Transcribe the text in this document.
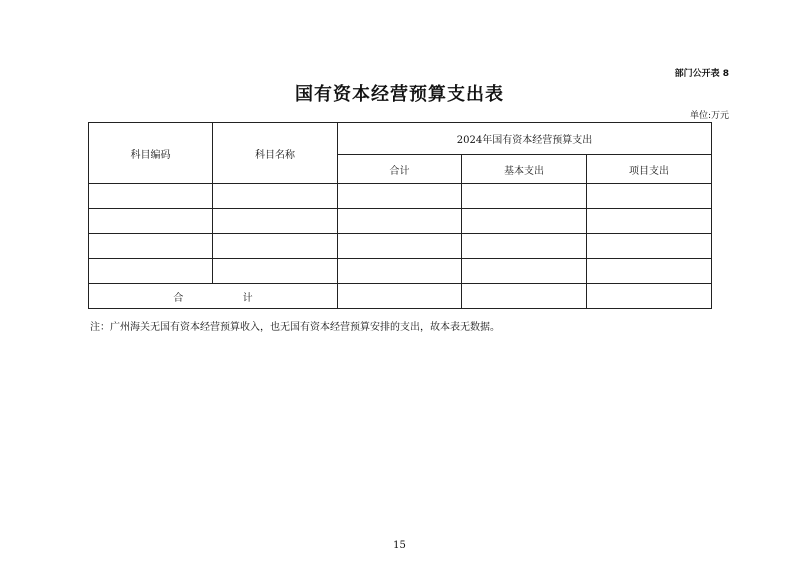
部门公开表 8
国有资本经营预算支出表
单位:万元
科目编码	科目名称	2024年国有资本经营预算支出		
		合计	基本支出	项目支出

合 计				
注：广州海关无国有资本经营预算收入，也无国有资本经营预算安排的支出，故本表无数据。
15
